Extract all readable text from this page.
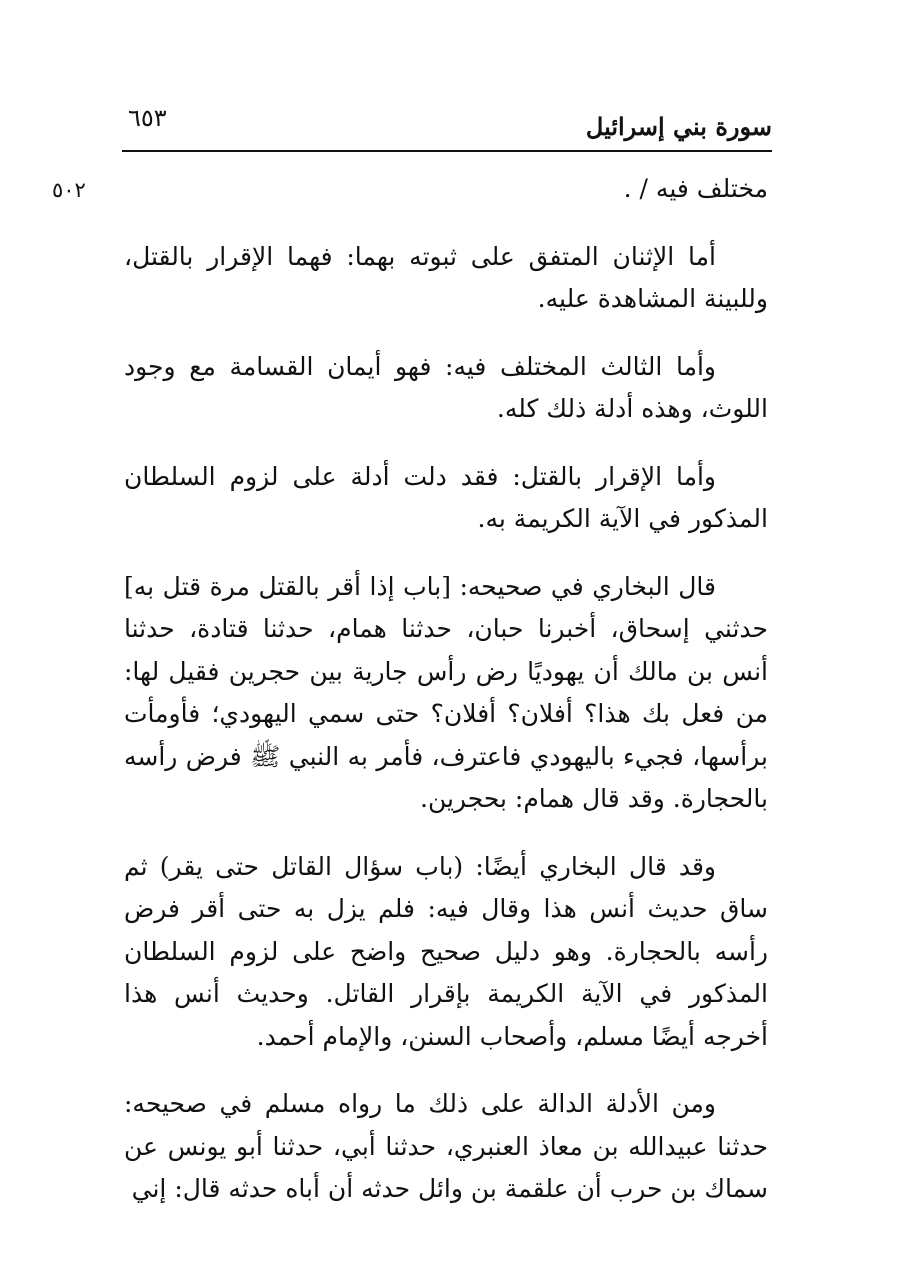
سورة بني إسرائيل
٦٥٣
٥٠٢	مختلف فيه / .

أما الإثنان المتفق على ثبوته بهما: فهما الإقرار بالقتل، وللبينة المشاهدة عليه.

وأما الثالث المختلف فيه: فهو أيمان القسامة مع وجود اللوث، وهذه أدلة ذلك كله.

وأما الإقرار بالقتل: فقد دلت أدلة على لزوم السلطان المذكور في الآية الكريمة به.

قال البخاري في صحيحه: [باب إذا أقر بالقتل مرة قتل به] حدثني إسحاق، أخبرنا حبان، حدثنا همام، حدثنا قتادة، حدثنا أنس بن مالك أن يهوديًا رض رأس جارية بين حجرين فقيل لها: من فعل بك هذا؟ أفلان؟ أفلان؟ حتى سمي اليهودي؛ فأومأت برأسها، فجيء باليهودي فاعترف، فأمر به النبي ﷺ فرض رأسه بالحجارة. وقد قال همام: بحجرين.

وقد قال البخاري أيضًا: (باب سؤال القاتل حتى يقر) ثم ساق حديث أنس هذا وقال فيه: فلم يزل به حتى أقر فرض رأسه بالحجارة. وهو دليل صحيح واضح على لزوم السلطان المذكور في الآية الكريمة بإقرار القاتل. وحديث أنس هذا أخرجه أيضًا مسلم، وأصحاب السنن، والإمام أحمد.

ومن الأدلة الدالة على ذلك ما رواه مسلم في صحيحه: حدثنا عبيدالله بن معاذ العنبري، حدثنا أبي، حدثنا أبو يونس عن سماك بن حرب أن علقمة بن وائل حدثه أن أباه حدثه قال: إني
